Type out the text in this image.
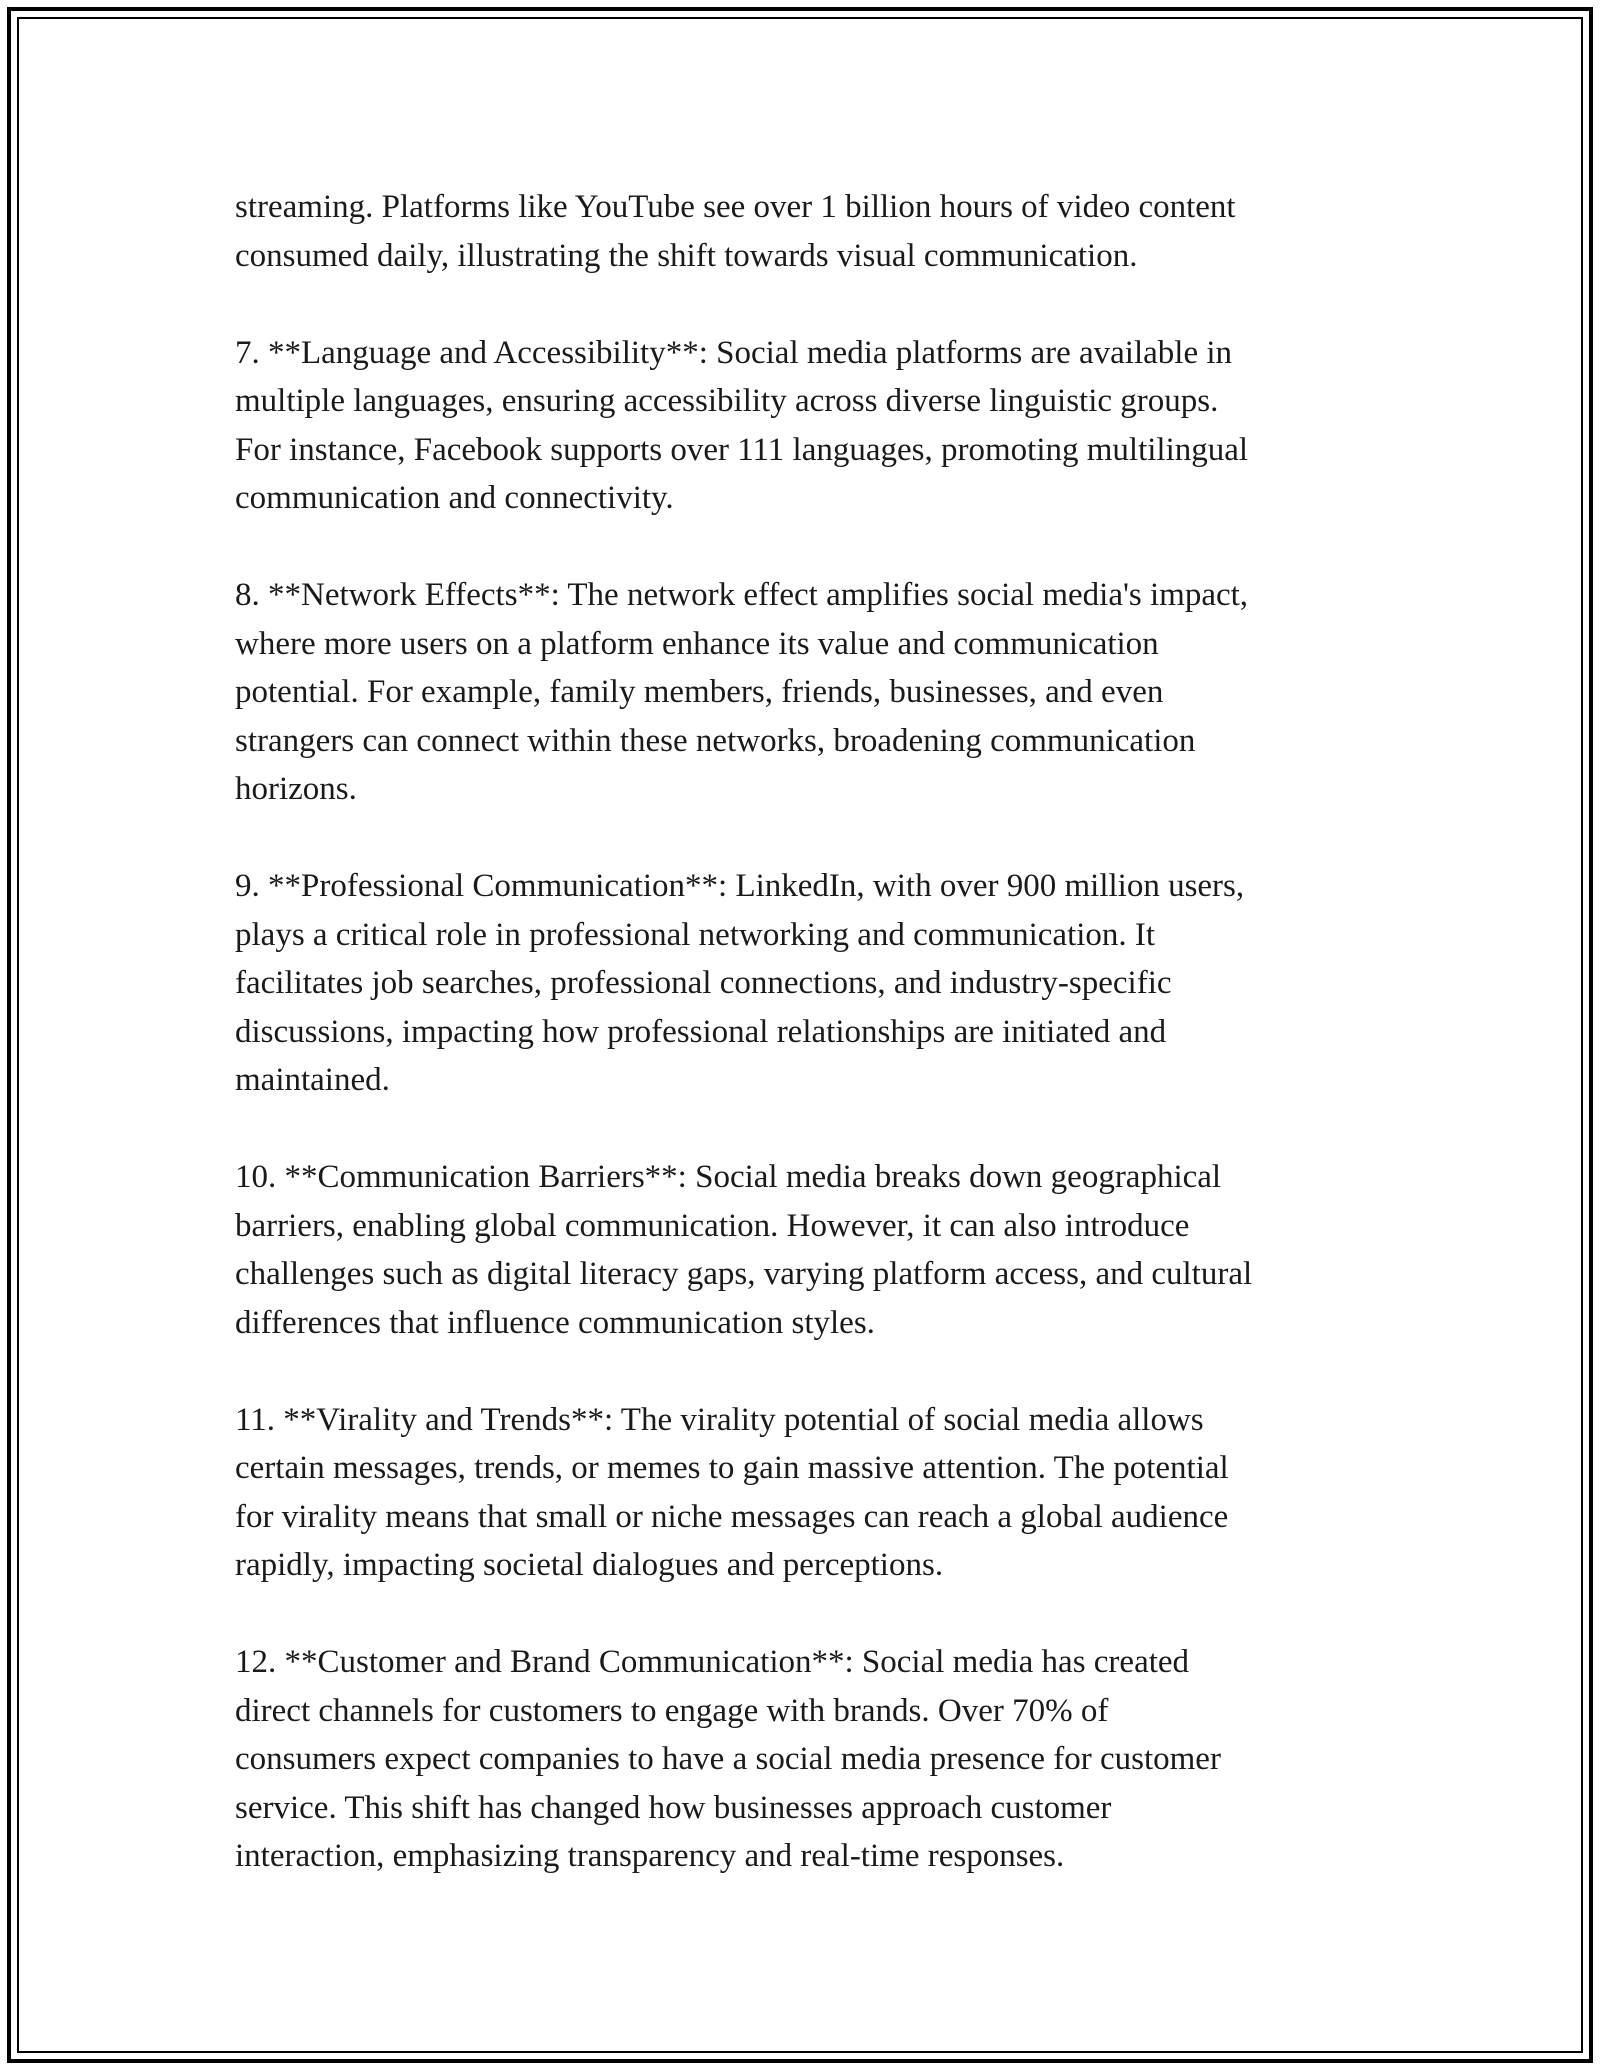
streaming. Platforms like YouTube see over 1 billion hours of video content
consumed daily, illustrating the shift towards visual communication.

7. **Language and Accessibility**: Social media platforms are available in
multiple languages, ensuring accessibility across diverse linguistic groups.
For instance, Facebook supports over 111 languages, promoting multilingual
communication and connectivity.

8. **Network Effects**: The network effect amplifies social media's impact,
where more users on a platform enhance its value and communication
potential. For example, family members, friends, businesses, and even
strangers can connect within these networks, broadening communication
horizons.

9. **Professional Communication**: LinkedIn, with over 900 million users,
plays a critical role in professional networking and communication. It
facilitates job searches, professional connections, and industry-specific
discussions, impacting how professional relationships are initiated and
maintained.

10. **Communication Barriers**: Social media breaks down geographical
barriers, enabling global communication. However, it can also introduce
challenges such as digital literacy gaps, varying platform access, and cultural
differences that influence communication styles.

11. **Virality and Trends**: The virality potential of social media allows
certain messages, trends, or memes to gain massive attention. The potential
for virality means that small or niche messages can reach a global audience
rapidly, impacting societal dialogues and perceptions.

12. **Customer and Brand Communication**: Social media has created
direct channels for customers to engage with brands. Over 70% of
consumers expect companies to have a social media presence for customer
service. This shift has changed how businesses approach customer
interaction, emphasizing transparency and real-time responses.
